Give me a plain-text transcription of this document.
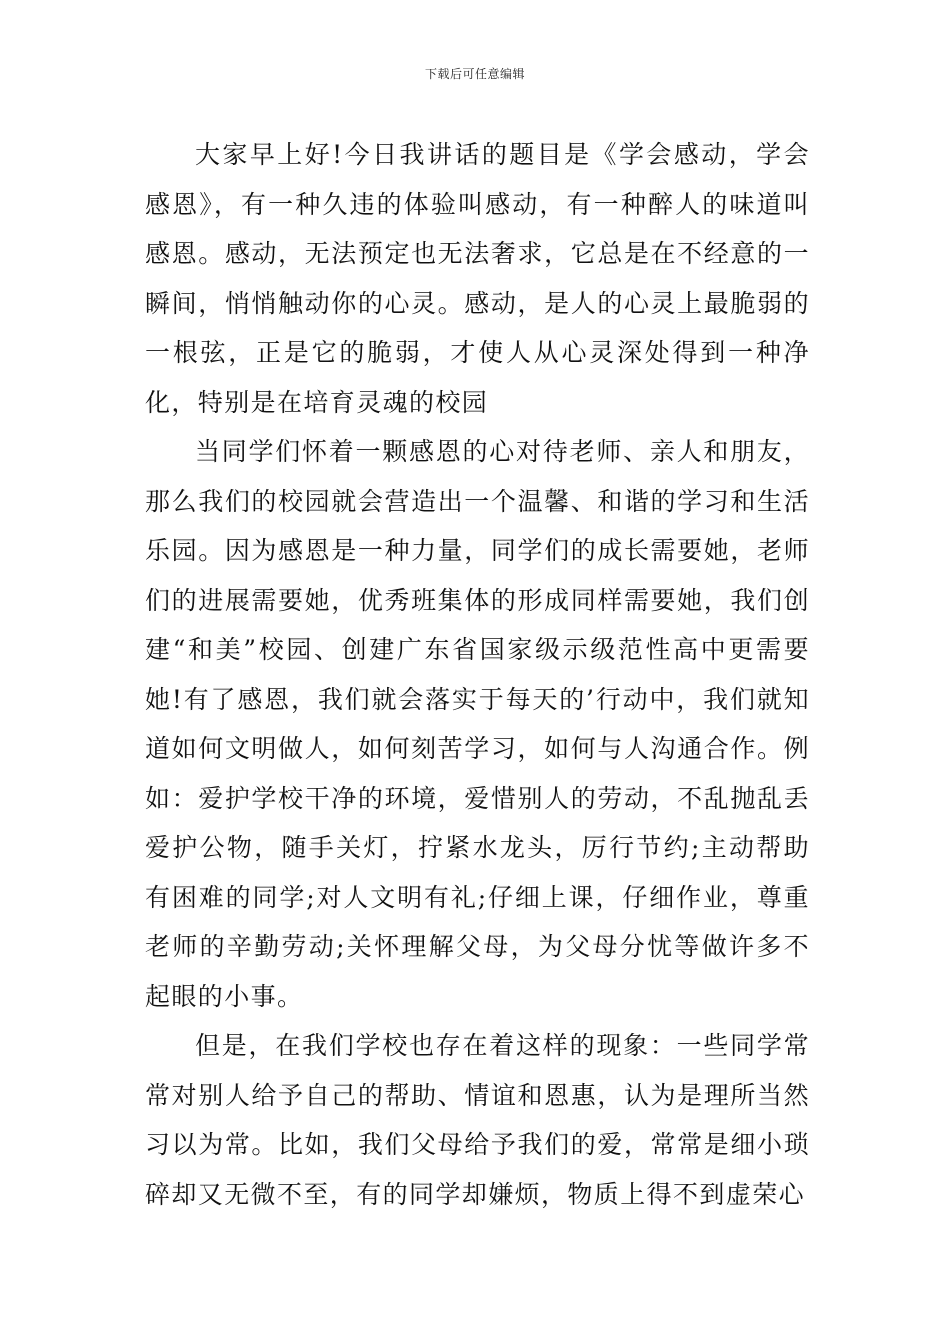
下载后可任意编辑

大家早上好!今日我讲话的题目是《学会感动，学会感恩》，有一种久违的体验叫感动，有一种醉人的味道叫感恩。感动，无法预定也无法奢求，它总是在不经意的一瞬间，悄悄触动你的心灵。感动，是人的心灵上最脆弱的一根弦，正是它的脆弱，才使人从心灵深处得到一种净化，特别是在培育灵魂的校园

当同学们怀着一颗感恩的心对待老师、亲人和朋友，那么我们的校园就会营造出一个温馨、和谐的学习和生活乐园。因为感恩是一种力量，同学们的成长需要她，老师们的进展需要她，优秀班集体的形成同样需要她，我们创建“和美”校园、创建广东省国家级示级范性高中更需要她!有了感恩，我们就会落实于每天的’行动中，我们就知道如何文明做人，如何刻苦学习，如何与人沟通合作。例如：爱护学校干净的环境，爱惜别人的劳动，不乱抛乱丢爱护公物，随手关灯，拧紧水龙头，厉行节约;主动帮助有困难的同学;对人文明有礼;仔细上课，仔细作业，尊重老师的辛勤劳动;关怀理解父母，为父母分忧等做许多不起眼的小事。

但是，在我们学校也存在着这样的现象：一些同学常常对别人给予自己的帮助、情谊和恩惠，认为是理所当然习以为常。比如，我们父母给予我们的爱，常常是细小琐碎却又无微不至，有的同学却嫌烦，物质上得不到虚荣心
